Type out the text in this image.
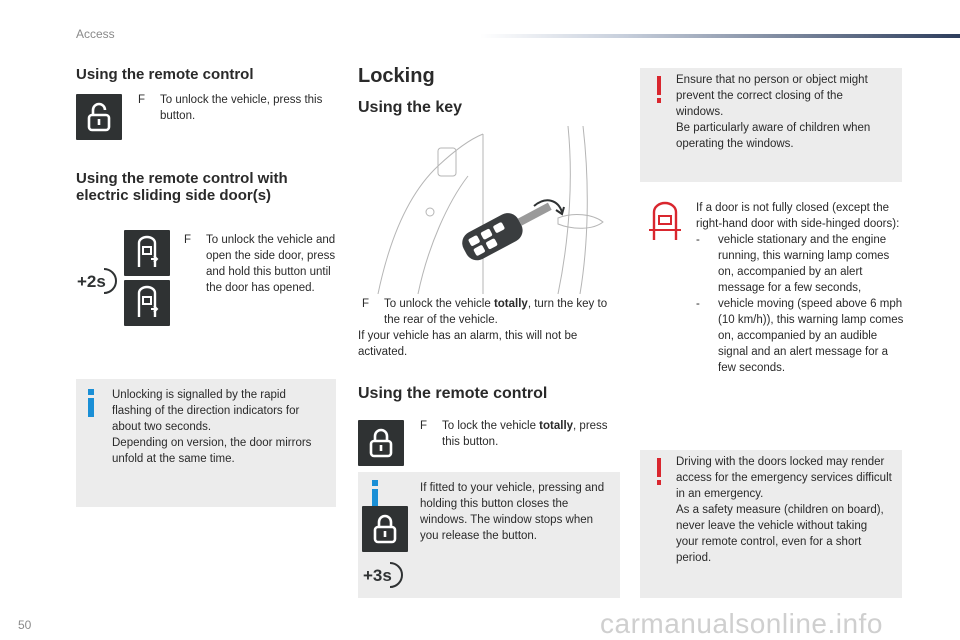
Access
50	carmanualsonline.info
Using the remote control
F	To unlock the vehicle, press this button.
Using the remote control with
electric sliding side door(s)
+2s
F	To unlock the vehicle and open the side door, press and hold this button until the door has opened.

Unlocking is signalled by the rapid flashing of the direction indicators for about two seconds.

Depending on version, the door mirrors unfold at the same time.

Locking
Using the key
F	To unlock the vehicle totally, turn the key to the rear of the vehicle.

If your vehicle has an alarm, this will not be activated.

Using the remote control
F	To lock the vehicle totally, press this button.
+3s

If fitted to your vehicle, pressing and holding this button closes the windows. The window stops when you release the button.

Ensure that no person or object might prevent the correct closing of the windows.

Be particularly aware of children when operating the windows.

If a door is not fully closed (except the right-hand door with side-hinged doors):

-	vehicle stationary and the engine running, this warning lamp comes on, accompanied by an alert message for a few seconds,
-	vehicle moving (speed above 6 mph (10 km/h)), this warning lamp comes on, accompanied by an audible signal and an alert message for a few seconds.

Driving with the doors locked may render access for the emergency services difficult in an emergency.

As a safety measure (children on board), never leave the vehicle without taking your remote control, even for a short period.
